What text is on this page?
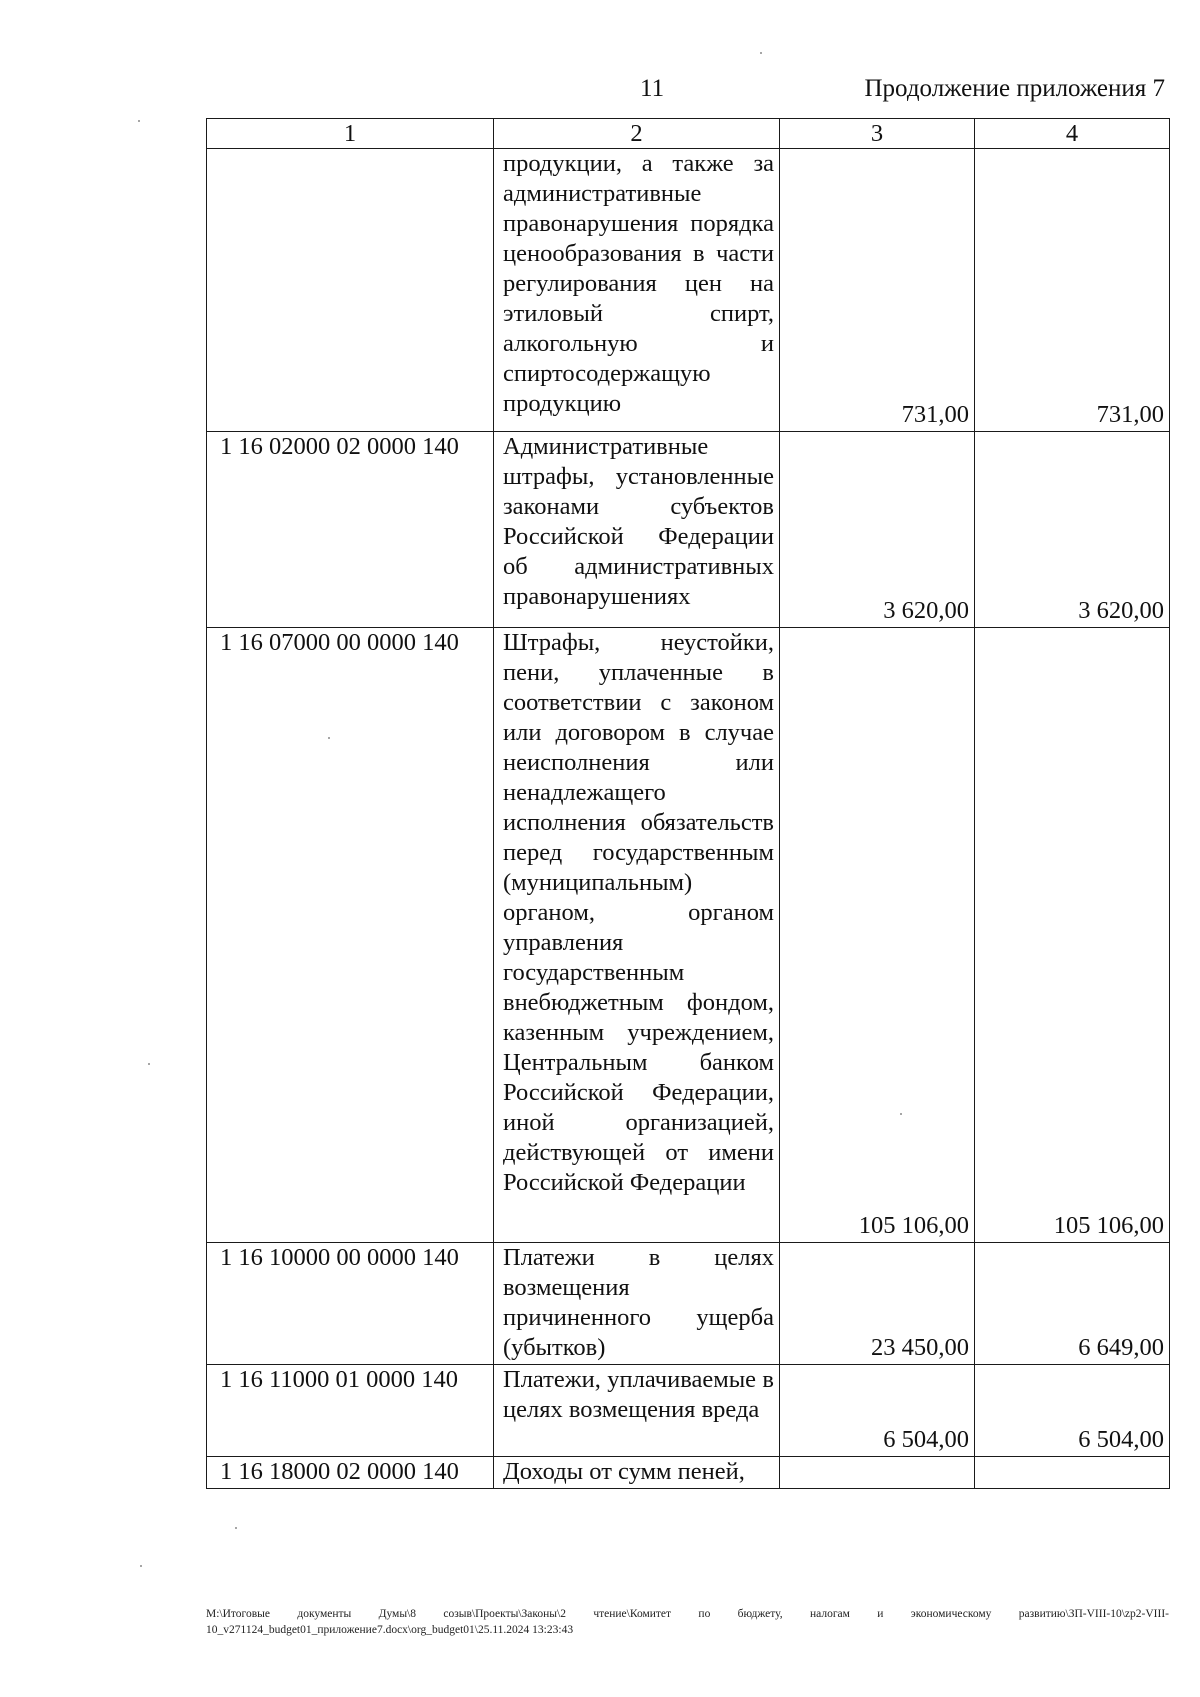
11	Продолжение приложения 7
1	2	3	4
	продукции, а также за административные правонарушения порядка ценообразования в части регулирования цен на этиловый спирт, алкогольную и спиртосодержащую продукцию	731,00	731,00
1 16 02000 02 0000 140	Административные штрафы, установленные законами субъектов Российской Федерации об административных правонарушениях	3 620,00	3 620,00
1 16 07000 00 0000 140	Штрафы, неустойки, пени, уплаченные в соответствии с законом или договором в случае неисполнения или ненадлежащего исполнения обязательств перед государственным (муниципальным) органом, органом управления государственным внебюджетным фондом, казенным учреждением, Центральным банком Российской Федерации, иной организацией, действующей от имени Российской Федерации	105 106,00	105 106,00
1 16 10000 00 0000 140	Платежи в целях возмещения причиненного ущерба (убытков)	23 450,00	6 649,00
1 16 11000 01 0000 140	Платежи, уплачиваемые в целях возмещения вреда	6 504,00	6 504,00
1 16 18000 02 0000 140	Доходы от сумм пеней,		
M:\Итоговые документы Думы\8 созыв\Проекты\Законы\2 чтение\Комитет по бюджету, налогам и экономическому развитию\ЗП-VIII-10\zp2-VIII-10_v271124_budget01_приложение7.docx\org_budget01\25.11.2024 13:23:43
